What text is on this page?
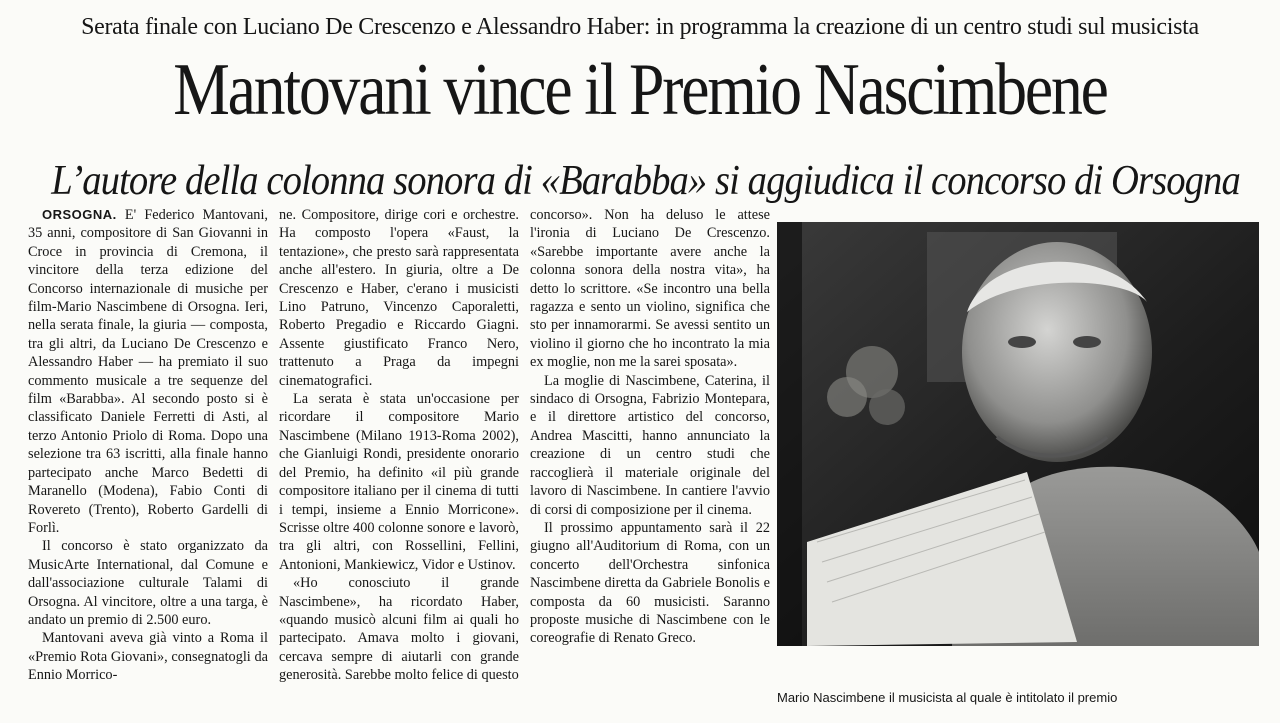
Serata finale con Luciano De Crescenzo e Alessandro Haber: in programma la creazione di un centro studi sul musicista
Mantovani vince il Premio Nascimbene
L’autore della colonna sonora di «Barabba» si aggiudica il concorso di Orsogna

ORSOGNA. E' Federico Mantovani, 35 anni, compositore di San Giovanni in Croce in provincia di Cremona, il vincitore della terza edizione del Concorso internazionale di musiche per film-Mario Nascimbene di Orsogna. Ieri, nella serata finale, la giuria — composta, tra gli altri, da Luciano De Crescenzo e Alessandro Haber — ha premiato il suo commento musicale a tre sequenze del film «Barabba». Al secondo posto si è classificato Daniele Ferretti di Asti, al terzo Antonio Priolo di Roma. Dopo una selezione tra 63 iscritti, alla finale hanno partecipato anche Marco Bedetti di Maranello (Modena), Fabio Conti di Rovereto (Trento), Roberto Gardelli di Forlì.

Il concorso è stato organizzato da MusicArte International, dal Comune e dall'associazione culturale Talami di Orsogna. Al vincitore, oltre a una targa, è andato un premio di 2.500 euro.

Mantovani aveva già vinto a Roma il «Premio Rota Giovani», consegnatogli da Ennio Morrico-

ne. Compositore, dirige cori e orchestre. Ha composto l'opera «Faust, la tentazione», che presto sarà rappresentata anche all'estero. In giuria, oltre a De Crescenzo e Haber, c'erano i musicisti Lino Patruno, Vincenzo Caporaletti, Roberto Pregadio e Riccardo Giagni. Assente giustificato Franco Nero, trattenuto a Praga da impegni cinematografici.

La serata è stata un'occasione per ricordare il compositore Mario Nascimbene (Milano 1913-Roma 2002), che Gianluigi Rondi, presidente onorario del Premio, ha definito «il più grande compositore italiano per il cinema di tutti i tempi, insieme a Ennio Morricone». Scrisse oltre 400 colonne sonore e lavorò, tra gli altri, con Rossellini, Fellini, Antonioni, Mankiewicz, Vidor e Ustinov.

«Ho conosciuto il grande Nascimbene», ha ricordato Haber, «quando musicò alcuni film ai quali ho partecipato. Amava molto i giovani, cercava sempre di aiutarli con grande generosità. Sarebbe molto felice di questo

concorso». Non ha deluso le attese l'ironia di Luciano De Crescenzo. «Sarebbe importante avere anche la colonna sonora della nostra vita», ha detto lo scrittore. «Se incontro una bella ragazza e sento un violino, significa che sto per innamorarmi. Se avessi sentito un violino il giorno che ho incontrato la mia ex moglie, non me la sarei sposata».

La moglie di Nascimbene, Caterina, il sindaco di Orsogna, Fabrizio Montepara, e il direttore artistico del concorso, Andrea Mascitti, hanno annunciato la creazione di un centro studi che raccoglierà il materiale originale del lavoro di Nascimbene. In cantiere l'avvio di corsi di composizione per il cinema.

Il prossimo appuntamento sarà il 22 giugno all'Auditorium di Roma, con un concerto dell'Orchestra sinfonica Nascimbene diretta da Gabriele Bonolis e composta da 60 musicisti. Saranno proposte musiche di Nascimbene con le coreografie di Renato Greco.

Mario Nascimbene il musicista al quale è intitolato il premio
